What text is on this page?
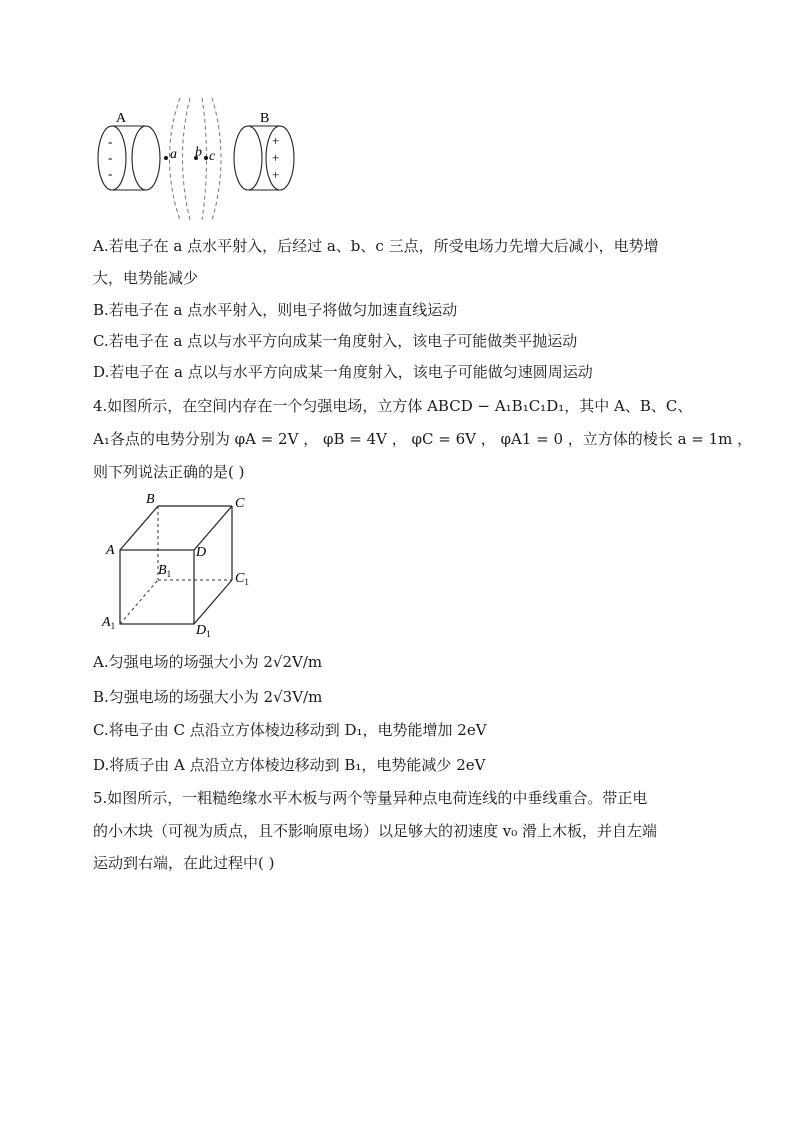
A	B
-
-
-
+
+
+
a b c
A.若电子在 a 点水平射入，后经过 a、b、c 三点，所受电场力先增大后减小，电势增
大，电势能减少
B.若电子在 a 点水平射入，则电子将做匀加速直线运动
C.若电子在 a 点以与水平方向成某一角度射入，该电子可能做类平抛运动
D.若电子在 a 点以与水平方向成某一角度射入，该电子可能做匀速圆周运动
4.如图所示，在空间内存在一个匀强电场，立方体 ABCD − A₁B₁C₁D₁，其中 A、B、C、
A₁各点的电势分别为 φA = 2V ， φB = 4V ， φC = 6V ， φA1 = 0 ，立方体的棱长 a = 1m ，
则下列说法正确的是( )
B	C
A	D
$B_1$	$C_1$
$A_1$	$D_1$
A.匀强电场的场强大小为 2√2V/m
B.匀强电场的场强大小为 2√3V/m
C.将电子由 C 点沿立方体棱边移动到 D₁，电势能增加 2eV
D.将质子由 A 点沿立方体棱边移动到 B₁，电势能减少 2eV
5.如图所示，一粗糙绝缘水平木板与两个等量异种点电荷连线的中垂线重合。带正电
的小木块（可视为质点，且不影响原电场）以足够大的初速度 v₀ 滑上木板，并自左端
运动到右端，在此过程中( )
